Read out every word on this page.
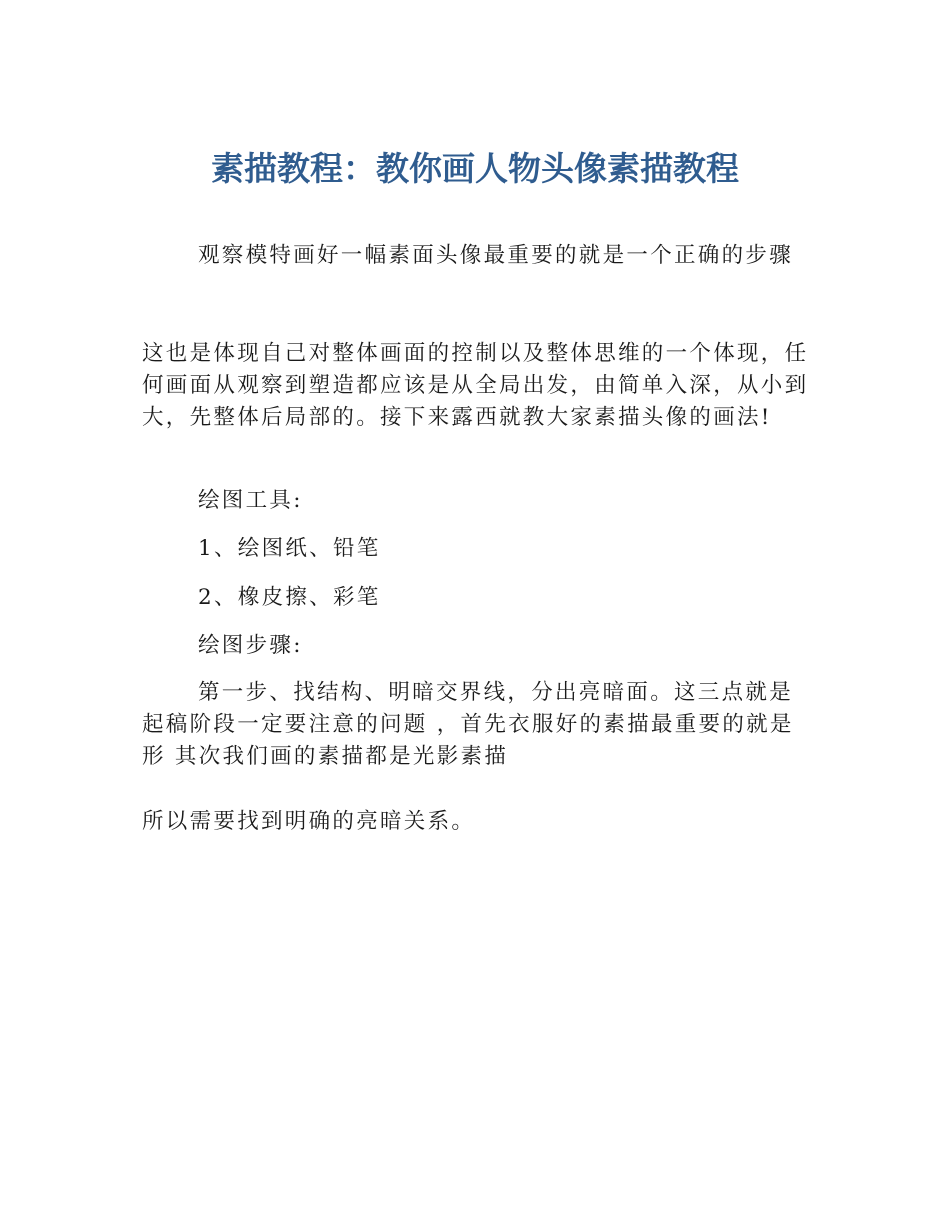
素描教程：教你画人物头像素描教程

观察模特画好一幅素面头像最重要的就是一个正确的步骤

这也是体现自己对整体画面的控制以及整体思维的一个体现，任何画面从观察到塑造都应该是从全局出发，由简单入深，从小到大，先整体后局部的。接下来露西就教大家素描头像的画法!

绘图工具:

1、绘图纸、铅笔

2、橡皮擦、彩笔

绘图步骤:

第一步、找结构、明暗交界线，分出亮暗面。这三点就是起稿阶段一定要注意的问题 ，首先衣服好的素描最重要的就是形 其次我们画的素描都是光影素描

所以需要找到明确的亮暗关系。
